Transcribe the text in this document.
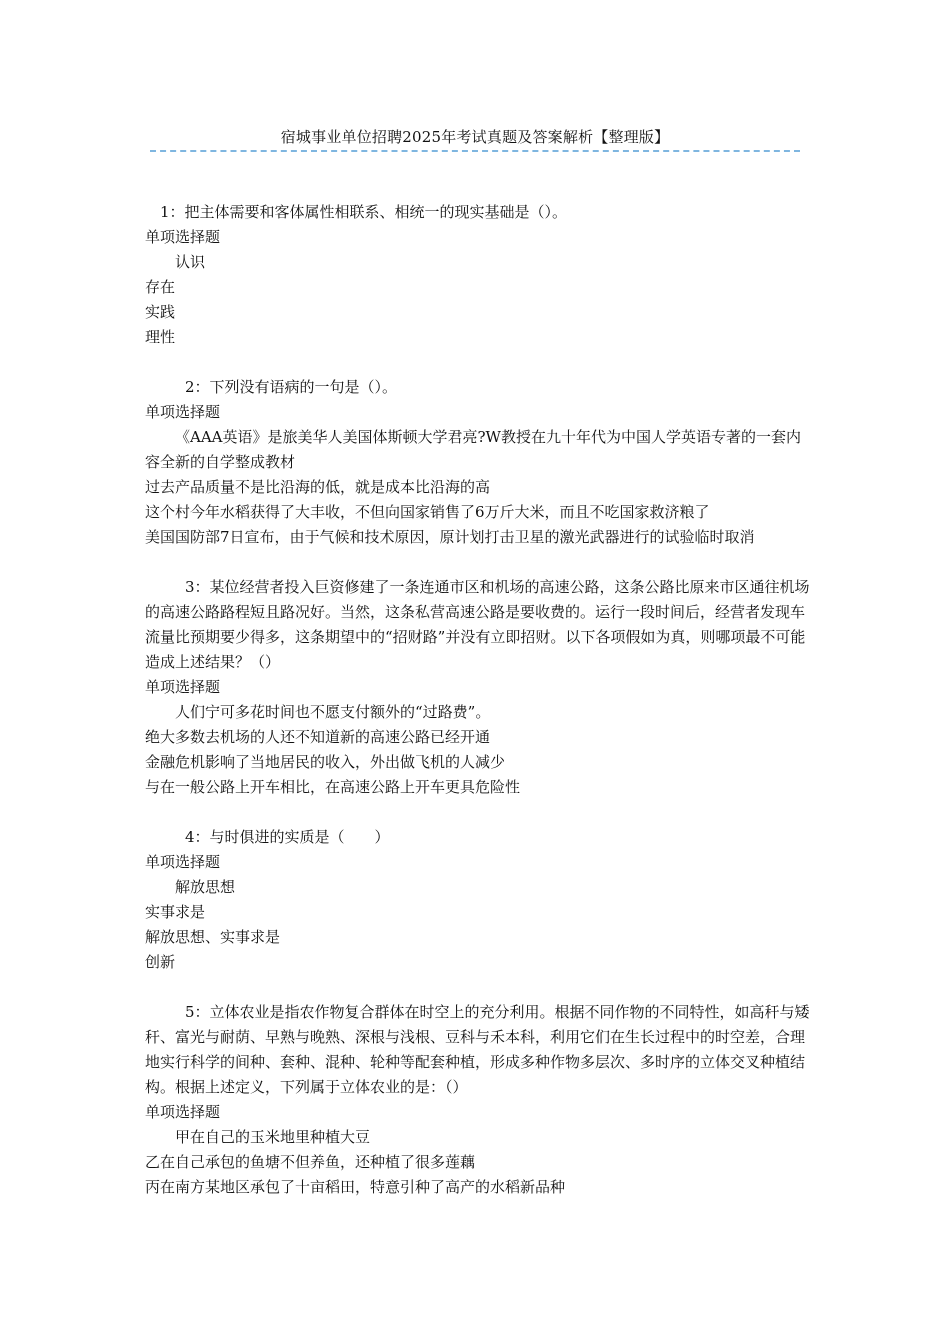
宿城事业单位招聘2025年考试真题及答案解析【整理版】

1：把主体需要和客体属性相联系、相统一的现实基础是（）。

单项选择题

认识

存在

实践

理性

2：下列没有语病的一句是（）。

单项选择题

《AAA英语》是旅美华人美国体斯顿大学君亮?W教授在九十年代为中国人学英语专著的一套内容全新的自学整成教材

过去产品质量不是比沿海的低，就是成本比沿海的高

这个村今年水稻获得了大丰收，不但向国家销售了6万斤大米，而且不吃国家救济粮了

美国国防部7日宣布，由于气候和技术原因，原计划打击卫星的激光武器进行的试验临时取消

3：某位经营者投入巨资修建了一条连通市区和机场的高速公路，这条公路比原来市区通往机场的高速公路路程短且路况好。当然，这条私营高速公路是要收费的。运行一段时间后，经营者发现车流量比预期要少得多，这条期望中的“招财路”并没有立即招财。以下各项假如为真，则哪项最不可能造成上述结果？（）

单项选择题

人们宁可多花时间也不愿支付额外的“过路费”。

绝大多数去机场的人还不知道新的高速公路已经开通

金融危机影响了当地居民的收入，外出做飞机的人减少

与在一般公路上开车相比，在高速公路上开车更具危险性

4：与时俱进的实质是（　　）

单项选择题

解放思想

实事求是

解放思想、实事求是

创新

5：立体农业是指农作物复合群体在时空上的充分利用。根据不同作物的不同特性，如高秆与矮秆、富光与耐荫、早熟与晚熟、深根与浅根、豆科与禾本科，利用它们在生长过程中的时空差，合理地实行科学的间种、套种、混种、轮种等配套种植，形成多种作物多层次、多时序的立体交叉种植结构。根据上述定义，下列属于立体农业的是：（）

单项选择题

甲在自己的玉米地里种植大豆

乙在自己承包的鱼塘不但养鱼，还种植了很多莲藕

丙在南方某地区承包了十亩稻田，特意引种了高产的水稻新品种
